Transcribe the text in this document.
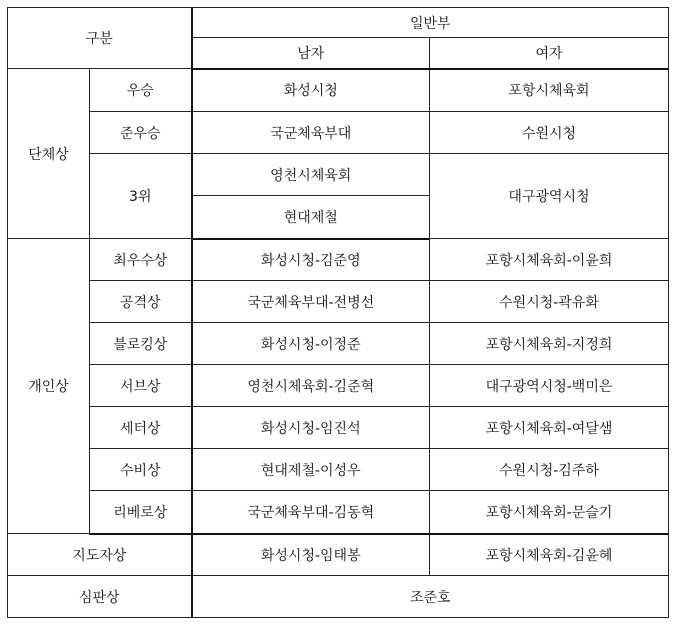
구분		일반부	
		남자	여자
단체상	우승	화성시청	포항시체육회
	준우승	국군체육부대	수원시청
	3위	영천시체육회	대구광역시청
		현대제철	
개인상	최우수상	화성시청-김준영	포항시체육회-이윤희
	공격상	국군체육부대-전병선	수원시청-곽유화
	블로킹상	화성시청-이정준	포항시체육회-지정희
	서브상	영천시체육회-김준혁	대구광역시청-백미은
	세터상	화성시청-임진석	포항시체육회-여달샘
	수비상	현대제철-이성우	수원시청-김주하
	리베로상	국군체육부대-김동혁	포항시체육회-문슬기
지도자상		화성시청-임태봉	포항시체육회-김윤혜
심판상		조준호	
